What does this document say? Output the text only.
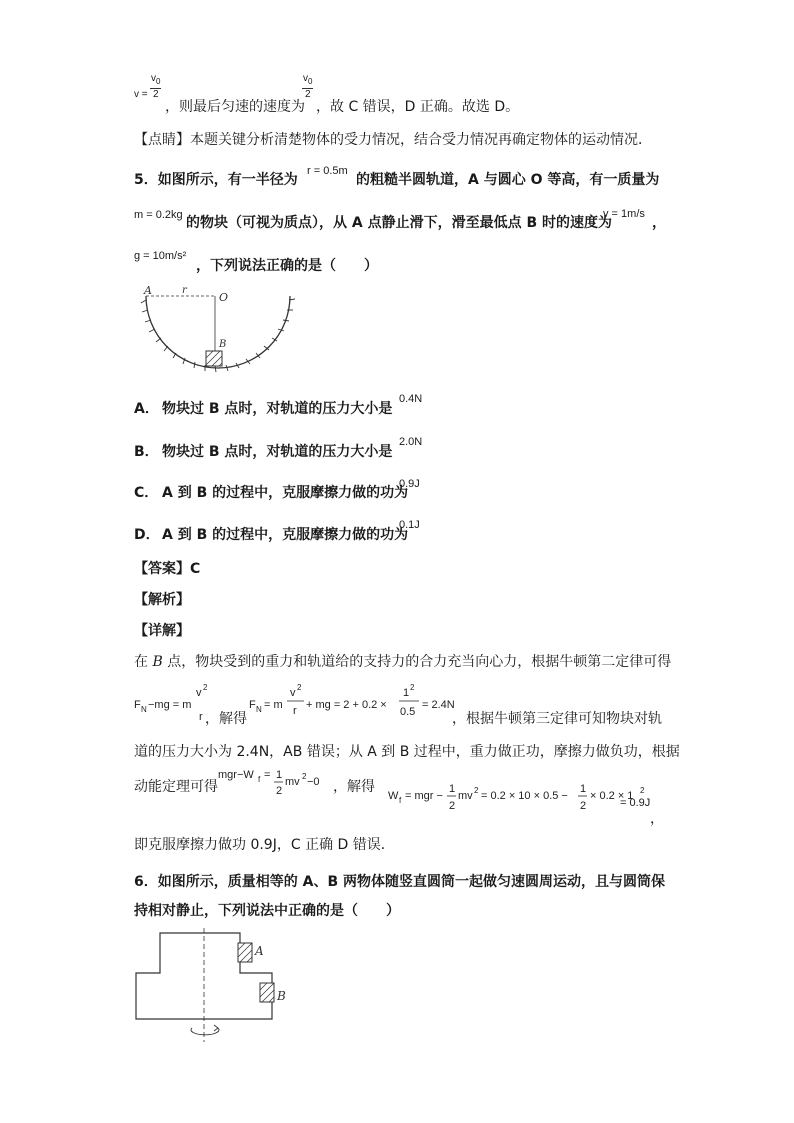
$v = \frac{v_0}{2}$
，则最后匀速的速度为
$\frac{v_0}{2}$
，故 C 错误，D 正确。故选 D。
【点睛】本题关键分析清楚物体的受力情况，结合受力情况再确定物体的运动情况．
5．如图所示，有一半径为
r = 0.5m
的粗糙半圆轨道，A 与圆心 O 等高，有一质量为
m = 0.2kg 的物块（可视为质点），从 A 点静止滑下，滑至最低点 B 时的速度为
v = 1m/s
，
g = 10m/s²
，下列说法正确的是（　　）
A	r
O
B
A． 物块过 B 点时，对轨道的压力大小是
0.4N
B． 物块过 B 点时，对轨道的压力大小是
2.0N
C． A 到 B 的过程中，克服摩擦力做的功为
0.9J
D． A 到 B 的过程中，克服摩擦力做的功为
0.1J
【答案】C
【解析】
【详解】
在 B 点，物块受到的重力和轨道给的支持力的合力充当向心力，根据牛顿第二定律可得
F N −mg = m
v 2
r
F N = m
v 2
r + mg = 2 + 0.2 ×
1 2
0.5
= 2.4N
，解得	，根据牛顿第三定律可知物块对轨
道的压力大小为 2.4N，AB 错误；从 A 到 B 过程中，重力做正功，摩擦力做负功，根据
动能定理可得
mgr−W f = 1
2
mv 2 −0 ，解得
W f = mgr −
1
2
mv 2 = 0.2 × 10 × 0.5 −
1
2
× 0.2 × 1 2
= 0.9J
，
即克服摩擦力做功 0.9J，C 正确 D 错误．
6．如图所示，质量相等的 A、B 两物体随竖直圆筒一起做匀速圆周运动，且与圆筒保
持相对静止，下列说法中正确的是（　　）
A
B
